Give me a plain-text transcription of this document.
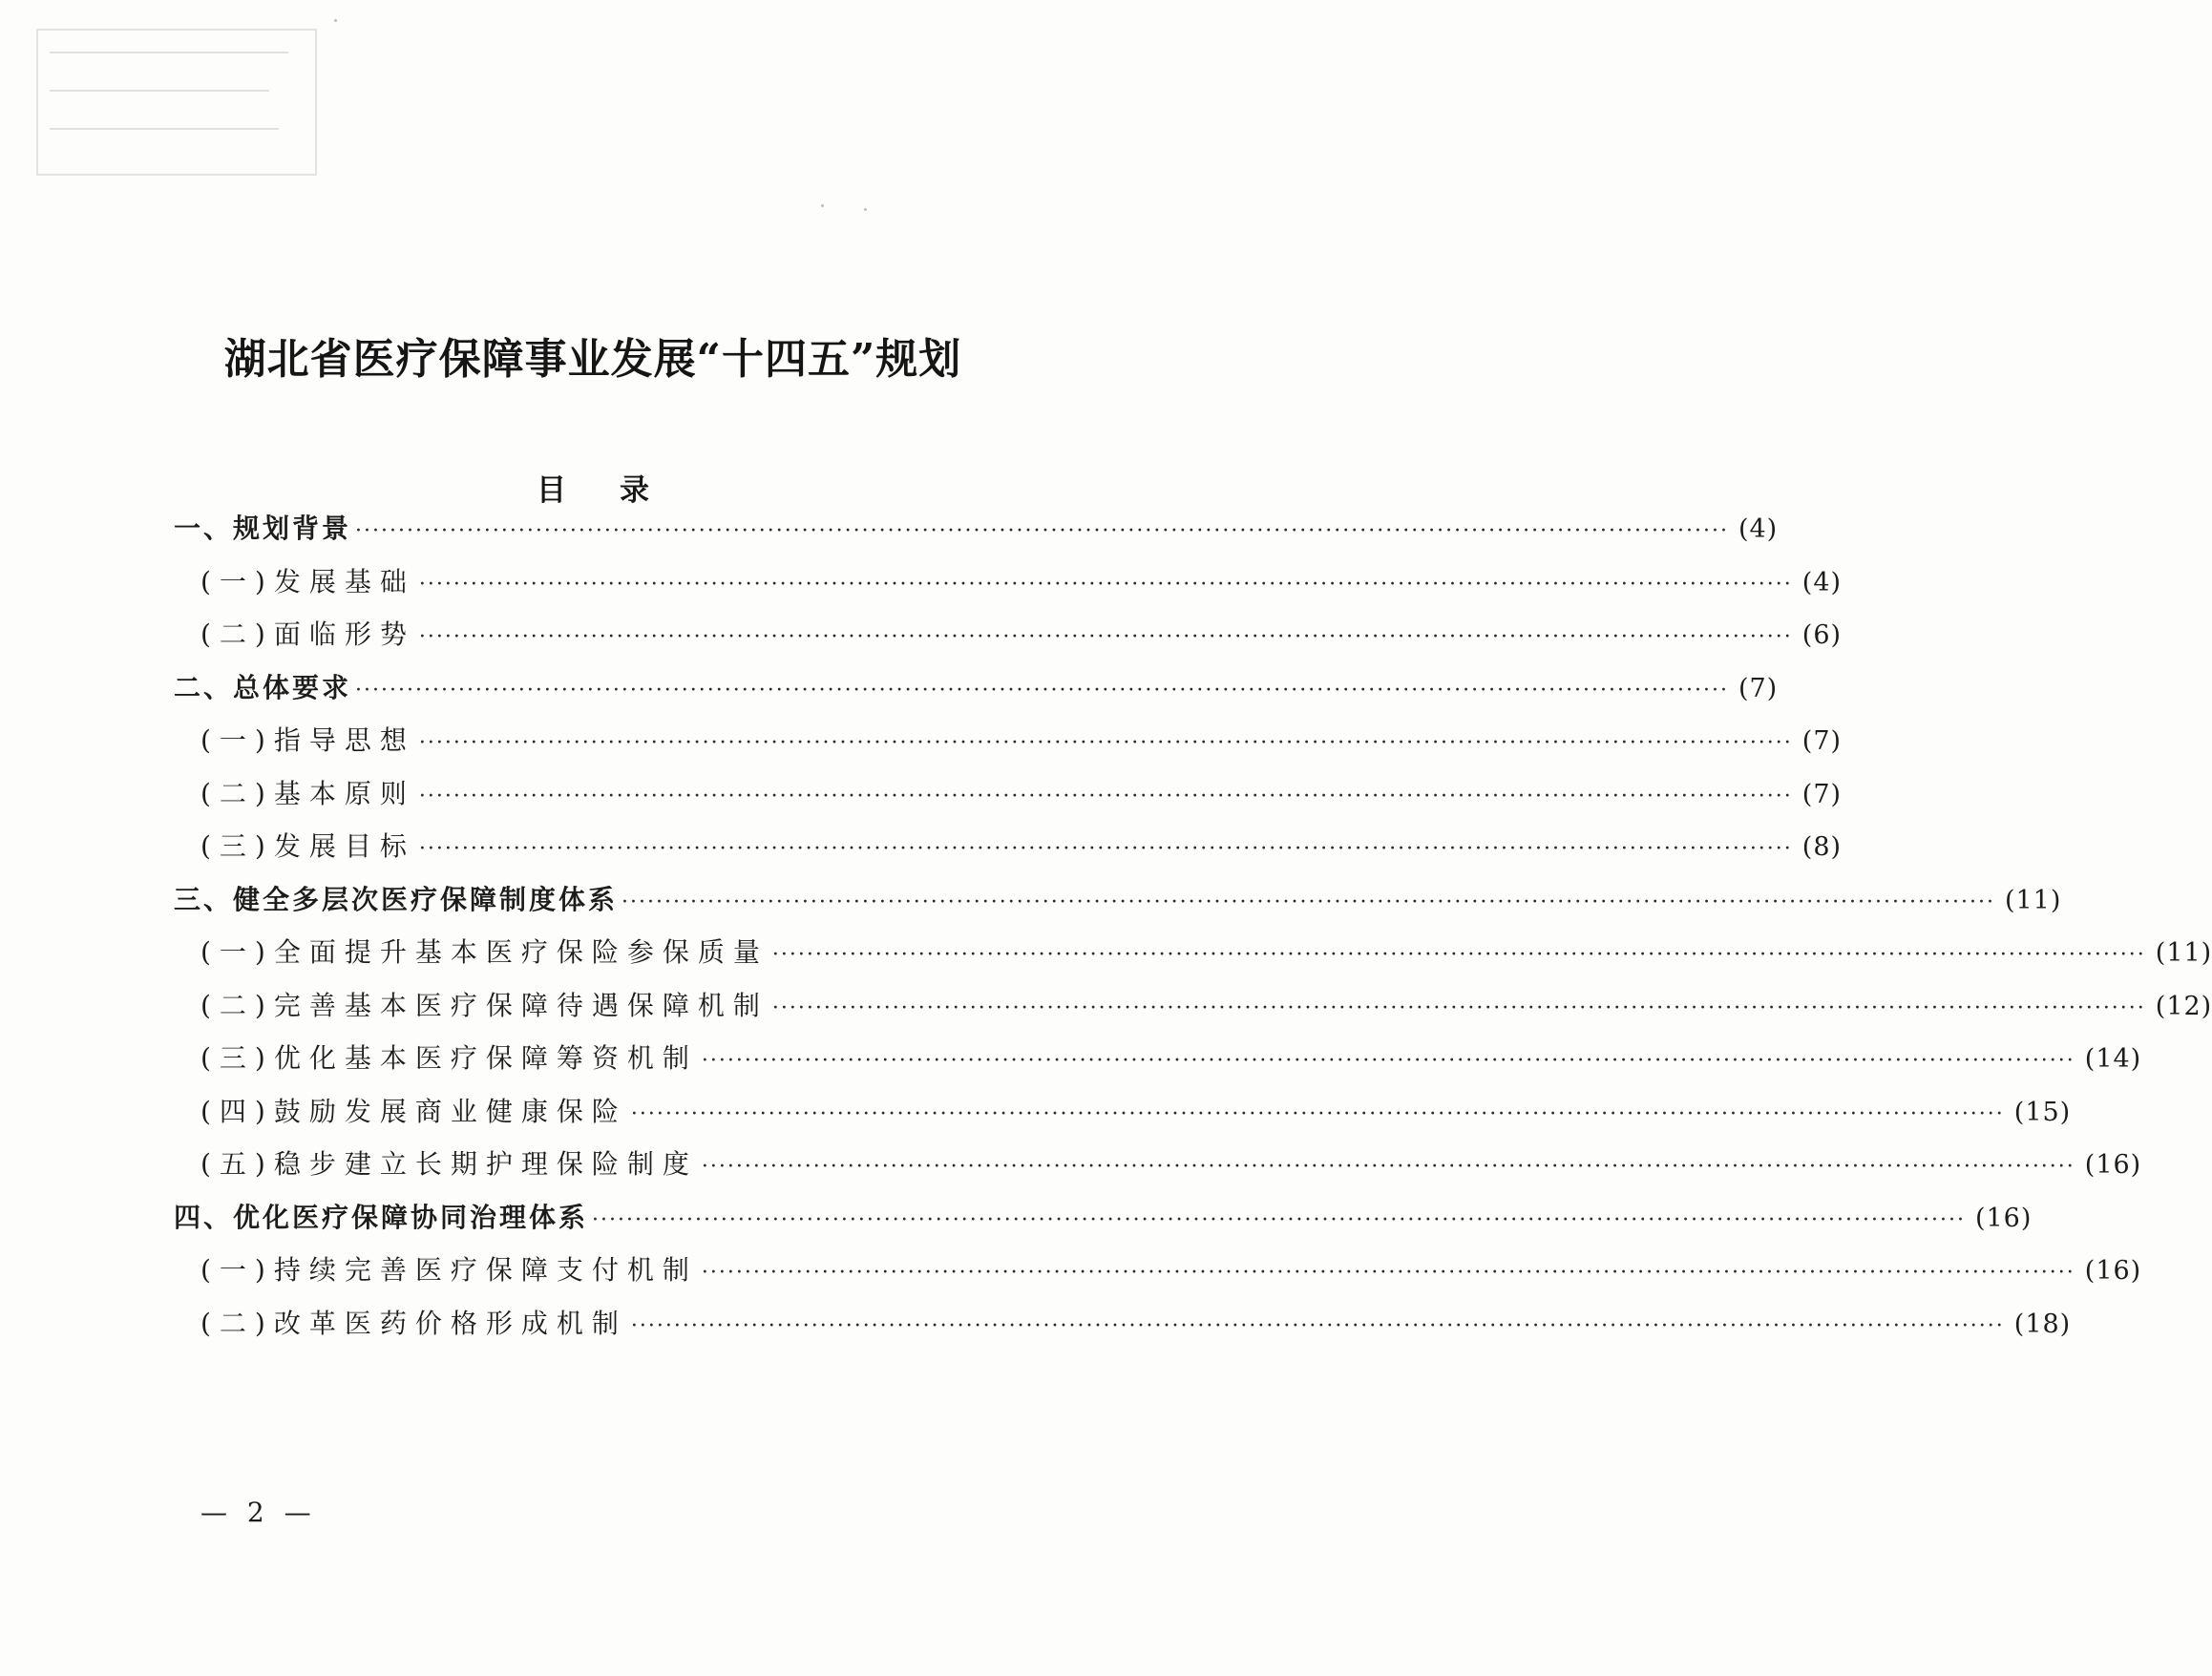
湖北省医疗保障事业发展“十四五”规划
目录
一、 规划背景 ································································································································································ (4)
(一) 发展基础 ································································································································································ (4)
(二) 面临形势 ································································································································································ (6)
二、 总体要求 ································································································································································ (7)
(一) 指导思想 ································································································································································ (7)
(二) 基本原则 ································································································································································ (7)
(三) 发展目标 ································································································································································ (8)
三、 健全多层次医疗保障制度体系 ································································································································································ (11)
(一) 全面提升基本医疗保险参保质量 ································································································································································ (11)
(二) 完善基本医疗保障待遇保障机制 ································································································································································ (12)
(三) 优化基本医疗保障筹资机制 ································································································································································ (14)
(四) 鼓励发展商业健康保险 ································································································································································ (15)
(五) 稳步建立长期护理保险制度 ································································································································································ (16)
四、 优化医疗保障协同治理体系 ································································································································································ (16)
(一) 持续完善医疗保障支付机制 ································································································································································ (16)
(二) 改革医药价格形成机制 ································································································································································ (18)
— 2 —
